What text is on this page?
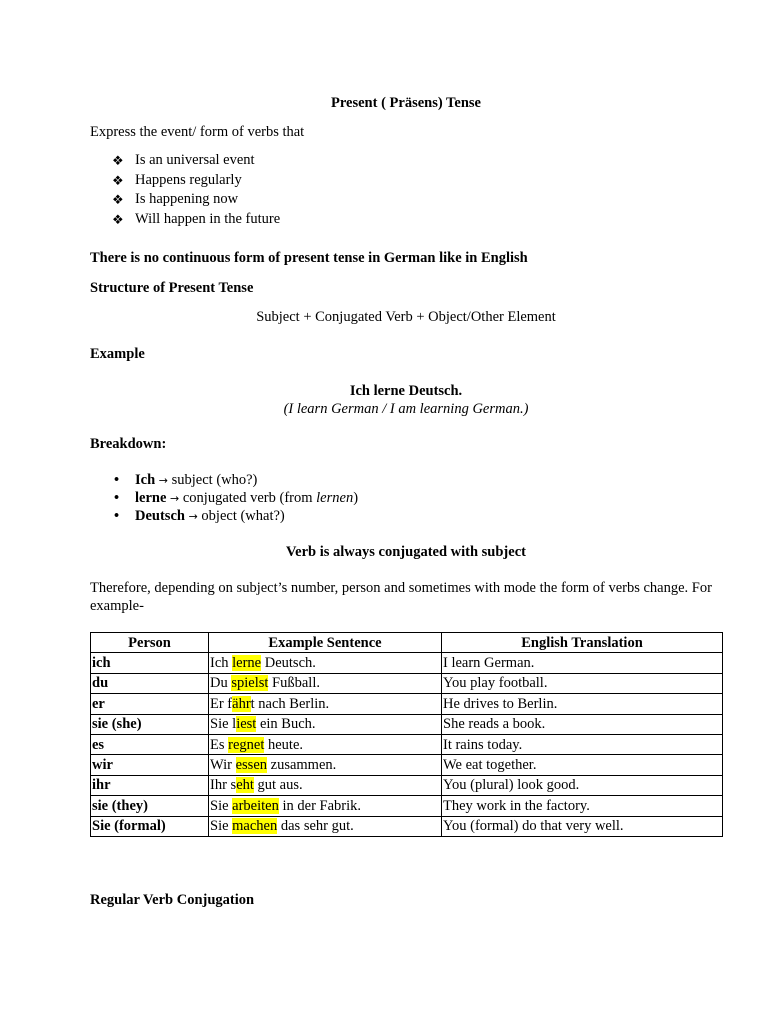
Present ( Präsens) Tense
Express the event/ form of verbs that
❖ Is an universal event
❖ Happens regularly
❖ Is happening now
❖ Will happen in the future
There is no continuous form of present tense in German like in English
Structure of Present Tense
Subject + Conjugated Verb + Object/Other Element
Example
Ich lerne Deutsch.
(I learn German / I am learning German.)
Breakdown:
• Ich → subject (who?)
• lerne → conjugated verb (from lernen)
• Deutsch → object (what?)
Verb is always conjugated with subject
Therefore, depending on subject’s number, person and sometimes with mode the form of verbs change. For example-
Person	Example Sentence	English Translation
ich	Ich lerne Deutsch.	I learn German.
du	Du spielst Fußball.	You play football.
er	Er fährt nach Berlin.	He drives to Berlin.
sie (she)	Sie liest ein Buch.	She reads a book.
es	Es regnet heute.	It rains today.
wir	Wir essen zusammen.	We eat together.
ihr	Ihr seht gut aus.	You (plural) look good.
sie (they)	Sie arbeiten in der Fabrik.	They work in the factory.
Sie (formal)	Sie machen das sehr gut.	You (formal) do that very well.
Regular Verb Conjugation
